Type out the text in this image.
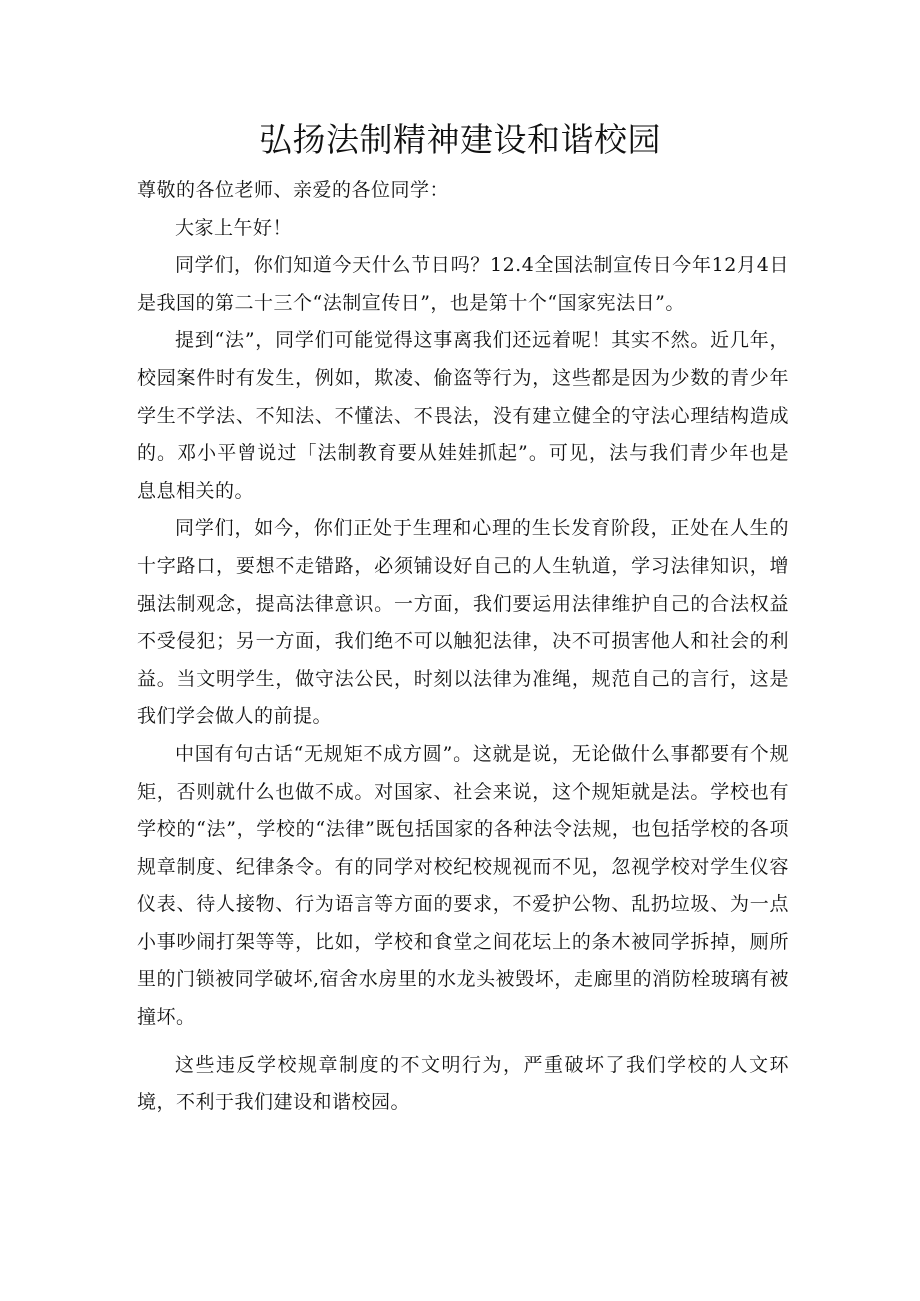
弘扬法制精神建设和谐校园

尊敬的各位老师、亲爱的各位同学：

大家上午好！

同学们，你们知道今天什么节日吗？12.4全国法制宣传日今年12月4日是我国的第二十三个“法制宣传日”，也是第十个“国家宪法日”。

提到“法”，同学们可能觉得这事离我们还远着呢！其实不然。近几年，校园案件时有发生，例如，欺凌、偷盗等行为，这些都是因为少数的青少年学生不学法、不知法、不懂法、不畏法，没有建立健全的守法心理结构造成的。邓小平曾说过「法制教育要从娃娃抓起”。可见，法与我们青少年也是息息相关的。

同学们，如今，你们正处于生理和心理的生长发育阶段，正处在人生的十字路口，要想不走错路，必须铺设好自己的人生轨道，学习法律知识，增强法制观念，提高法律意识。一方面，我们要运用法律维护自己的合法权益不受侵犯；另一方面，我们绝不可以触犯法律，决不可损害他人和社会的利益。当文明学生，做守法公民，时刻以法律为准绳，规范自己的言行，这是我们学会做人的前提。

中国有句古话“无规矩不成方圆”。这就是说，无论做什么事都要有个规矩，否则就什么也做不成。对国家、社会来说，这个规矩就是法。学校也有学校的“法”，学校的“法律”既包括国家的各种法令法规，也包括学校的各项规章制度、纪律条令。有的同学对校纪校规视而不见，忽视学校对学生仪容仪表、待人接物、行为语言等方面的要求，不爱护公物、乱扔垃圾、为一点小事吵闹打架等等，比如，学校和食堂之间花坛上的条木被同学拆掉，厕所里的门锁被同学破坏,宿舍水房里的水龙头被毁坏，走廊里的消防栓玻璃有被撞坏。

这些违反学校规章制度的不文明行为，严重破坏了我们学校的人文环境，不利于我们建设和谐校园。
